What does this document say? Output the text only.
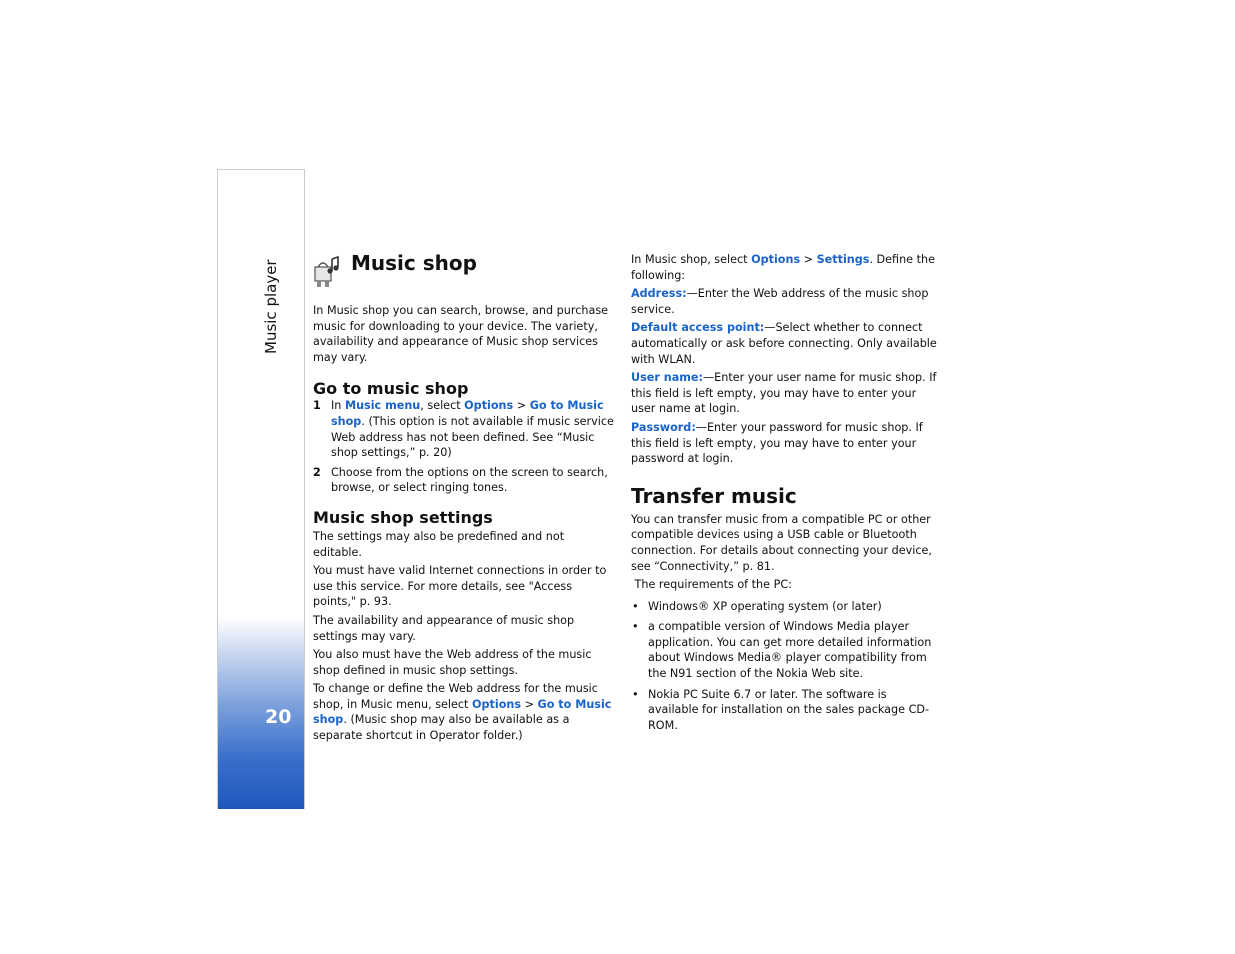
Music player
20
Music shop

In Music shop you can search, browse, and purchase music for downloading to your device. The variety, availability and appearance of Music shop services may vary.

Go to music shop
1 In Music menu, select Options > Go to Music shop. (This option is not available if music service Web address has not been defined. See “Music shop settings,” p. 20)
2 Choose from the options on the screen to search, browse, or select ringing tones.
Music shop settings

The settings may also be predefined and not editable.

You must have valid Internet connections in order to use this service. For more details, see "Access points," p. 93.

The availability and appearance of music shop settings may vary.

You also must have the Web address of the music shop defined in music shop settings.

To change or define the Web address for the music shop, in Music menu, select Options > Go to Music shop. (Music shop may also be available as a separate shortcut in Operator folder.)

In Music shop, select Options > Settings. Define the following:

Address:—Enter the Web address of the music shop service.

Default access point:—Select whether to connect automatically or ask before connecting. Only available with WLAN.

User name:—Enter your user name for music shop. If this field is left empty, you may have to enter your user name at login.

Password:—Enter your password for music shop. If this field is left empty, you may have to enter your password at login.

Transfer music

You can transfer music from a compatible PC or other compatible devices using a USB cable or Bluetooth connection. For details about connecting your device, see “Connectivity,” p. 81.

The requirements of the PC:

• Windows® XP operating system (or later)
• a compatible version of Windows Media player application. You can get more detailed information about Windows Media® player compatibility from the N91 section of the Nokia Web site.
• Nokia PC Suite 6.7 or later. The software is available for installation on the sales package CD-ROM.
